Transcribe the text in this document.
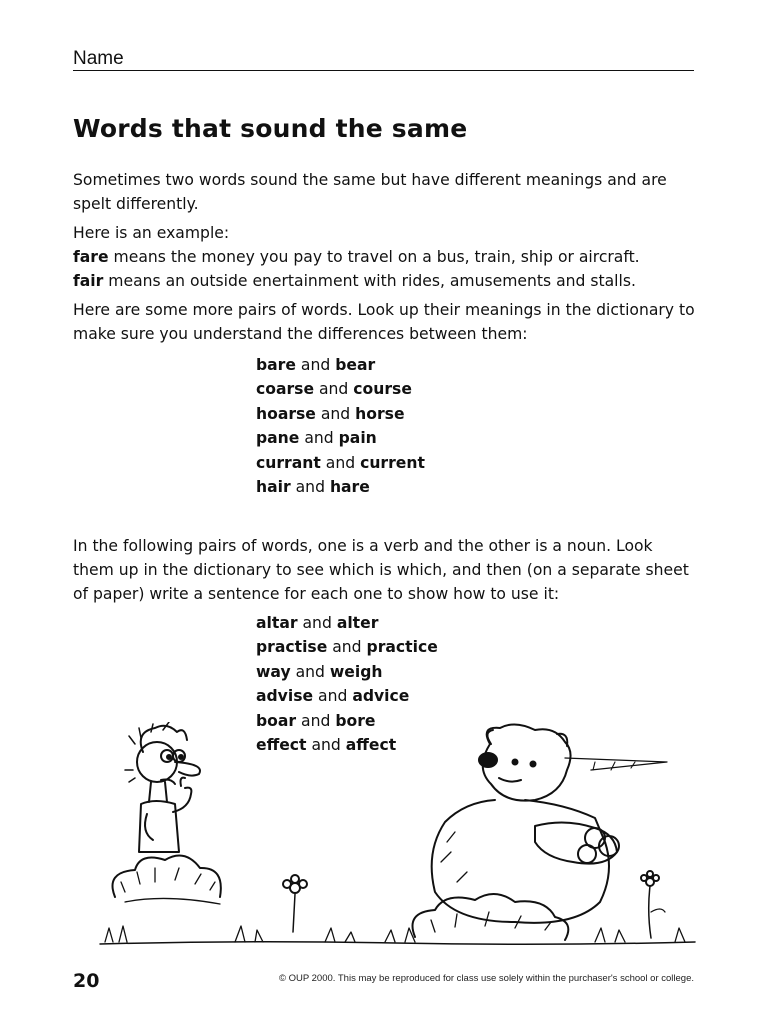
Name
Words that sound the same

Sometimes two words sound the same but have different meanings and are spelt differently.

Here is an example:
fare means the money you pay to travel on a bus, train, ship or aircraft.
fair means an outside enertainment with rides, amusements and stalls.

Here are some more pairs of words. Look up their meanings in the dictionary to make sure you understand the differences between them:

bare and bear
coarse and course
hoarse and horse
pane and pain
currant and current
hair and hare

In the following pairs of words, one is a verb and the other is a noun. Look them up in the dictionary to see which is which, and then (on a separate sheet of paper) write a sentence for each one to show how to use it:

altar and alter
practise and practice
way and weigh
advise and advice
boar and bore
effect and affect
20	© OUP 2000. This may be reproduced for class use solely within the purchaser's school or college.
